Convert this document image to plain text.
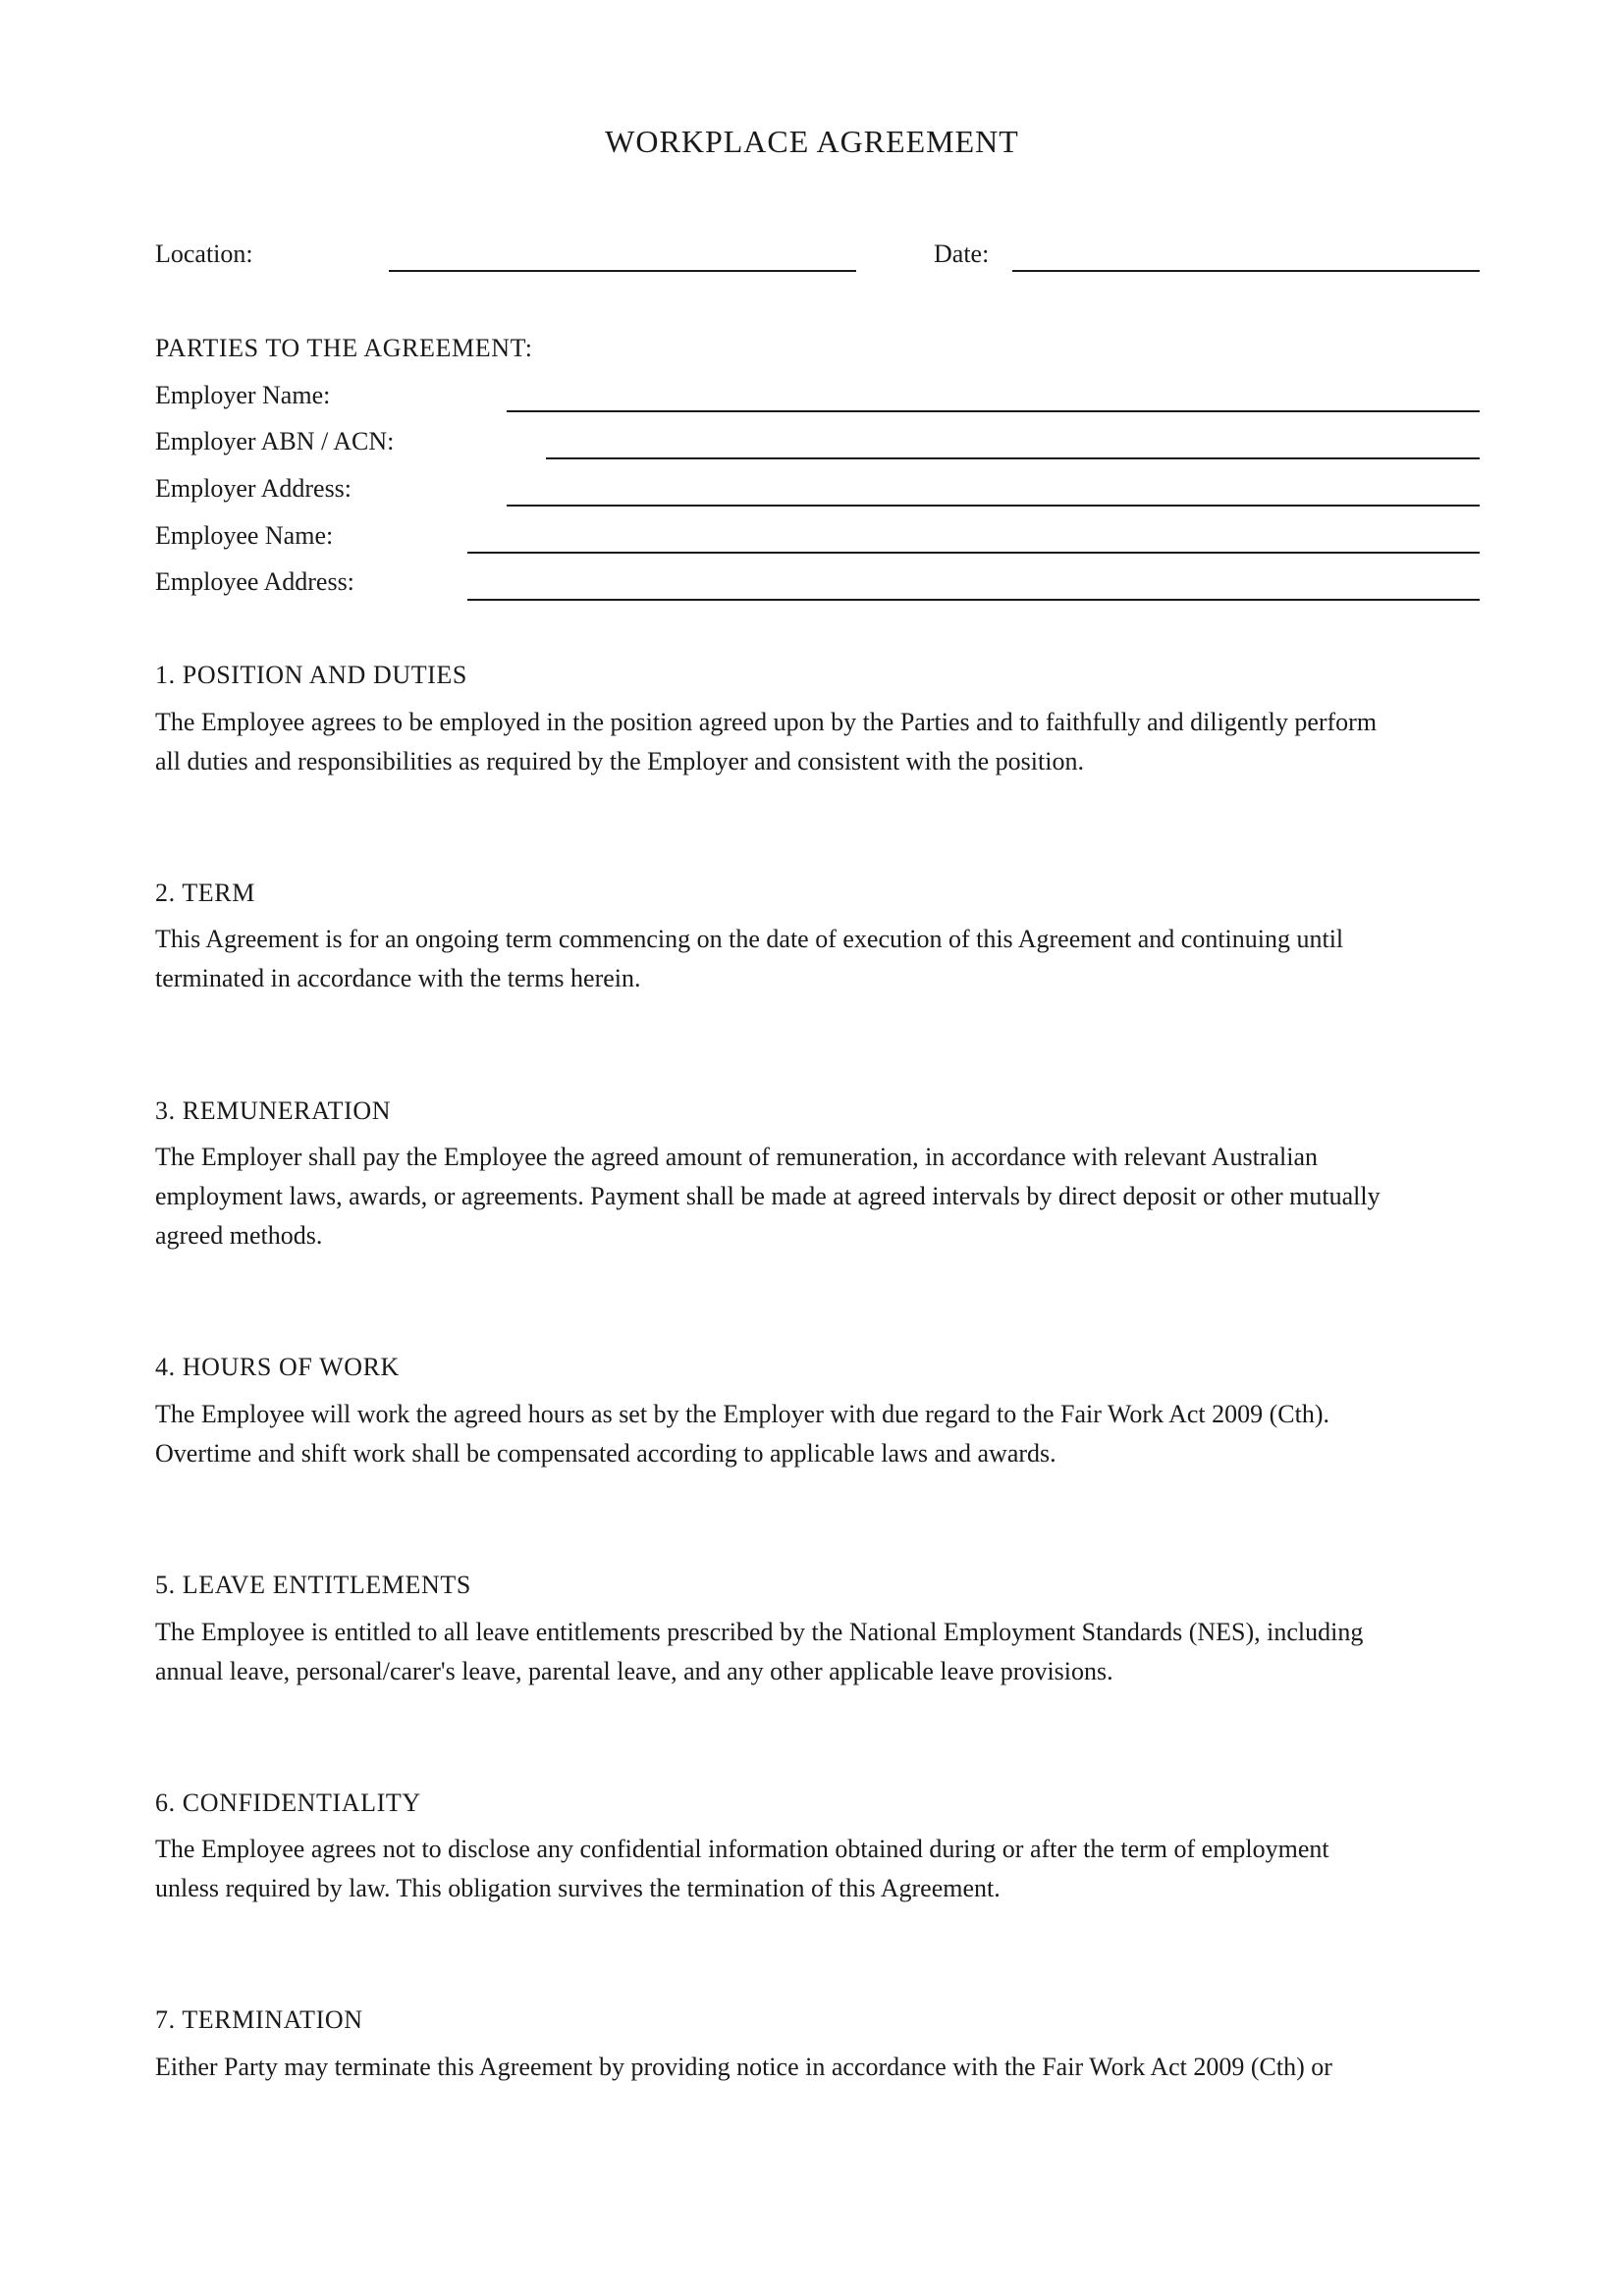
WORKPLACE AGREEMENT
Location:	Date:
PARTIES TO THE AGREEMENT:
Employer Name:
Employer ABN / ACN:
Employer Address:
Employee Name:
Employee Address:
1. POSITION AND DUTIES
The Employee agrees to be employed in the position agreed upon by the Parties and to faithfully and diligently perform
all duties and responsibilities as required by the Employer and consistent with the position.
2. TERM
This Agreement is for an ongoing term commencing on the date of execution of this Agreement and continuing until
terminated in accordance with the terms herein.
3. REMUNERATION
The Employer shall pay the Employee the agreed amount of remuneration, in accordance with relevant Australian
employment laws, awards, or agreements. Payment shall be made at agreed intervals by direct deposit or other mutually
agreed methods.
4. HOURS OF WORK
The Employee will work the agreed hours as set by the Employer with due regard to the Fair Work Act 2009 (Cth).
Overtime and shift work shall be compensated according to applicable laws and awards.
5. LEAVE ENTITLEMENTS
The Employee is entitled to all leave entitlements prescribed by the National Employment Standards (NES), including
annual leave, personal/carer's leave, parental leave, and any other applicable leave provisions.
6. CONFIDENTIALITY
The Employee agrees not to disclose any confidential information obtained during or after the term of employment
unless required by law. This obligation survives the termination of this Agreement.
7. TERMINATION
Either Party may terminate this Agreement by providing notice in accordance with the Fair Work Act 2009 (Cth) or
